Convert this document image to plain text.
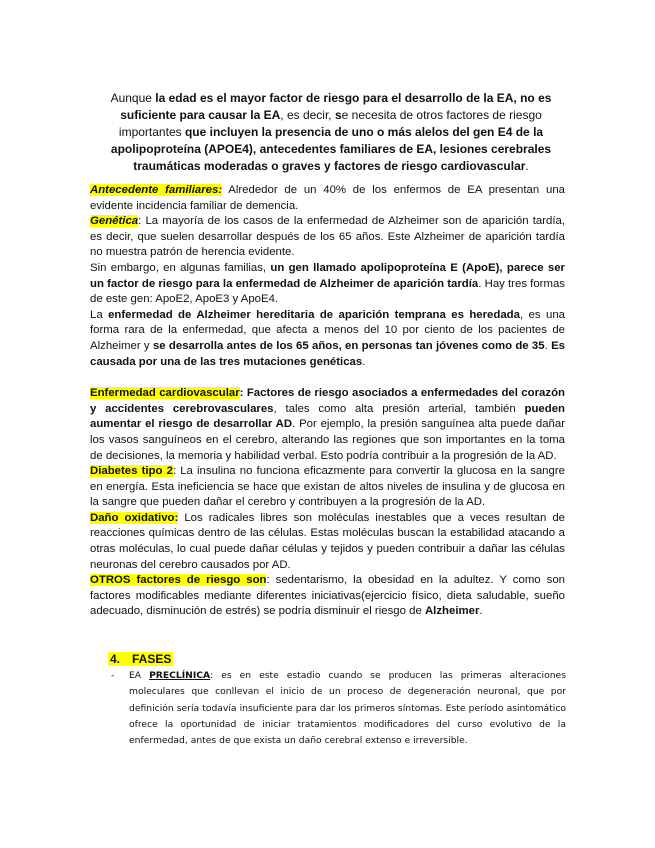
Aunque la edad es el mayor factor de riesgo para el desarrollo de la EA, no es suficiente para causar la EA, es decir, se necesita de otros factores de riesgo importantes que incluyen la presencia de uno o más alelos del gen E4 de la apolipoproteína (APOE4), antecedentes familiares de EA, lesiones cerebrales traumáticas moderadas o graves y factores de riesgo cardiovascular.

Antecedente familiares: Alrededor de un 40% de los enfermos de EA presentan una evidente incidencia familiar de demencia.

Genética: La mayoría de los casos de la enfermedad de Alzheimer son de aparición tardía, es decir, que suelen desarrollar después de los 65 años. Este Alzheimer de aparición tardía no muestra patrón de herencia evidente.

Sin embargo, en algunas familias, un gen llamado apolipoproteína E (ApoE), parece ser un factor de riesgo para la enfermedad de Alzheimer de aparición tardía. Hay tres formas de este gen: ApoE2, ApoE3 y ApoE4.

La enfermedad de Alzheimer hereditaria de aparición temprana es heredada, es una forma rara de la enfermedad, que afecta a menos del 10 por ciento de los pacientes de Alzheimer y se desarrolla antes de los 65 años, en personas tan jóvenes como de 35. Es causada por una de las tres mutaciones genéticas.

Enfermedad cardiovascular: Factores de riesgo asociados a enfermedades del corazón y accidentes cerebrovasculares, tales como alta presión arterial, también pueden aumentar el riesgo de desarrollar AD. Por ejemplo, la presión sanguínea alta puede dañar los vasos sanguíneos en el cerebro, alterando las regiones que son importantes en la toma de decisiones, la memoria y habilidad verbal. Esto podría contribuir a la progresión de la AD.

Diabetes tipo 2: La insulina no funciona eficazmente para convertir la glucosa en la sangre en energía. Esta ineficiencia se hace que existan de altos niveles de insulina y de glucosa en la sangre que pueden dañar el cerebro y contribuyen a la progresión de la AD.

Daño oxidativo: Los radicales libres son moléculas inestables que a veces resultan de reacciones químicas dentro de las células. Estas moléculas buscan la estabilidad atacando a otras moléculas, lo cual puede dañar células y tejidos y pueden contribuir a dañar las células neuronas del cerebro causados por AD.

OTROS factores de riesgo son: sedentarismo, la obesidad en la adultez. Y como son factores modificables mediante diferentes iniciativas(ejercicio físico, dieta saludable, sueño adecuado, disminución de estrés) se podría disminuir el riesgo de Alzheimer.

4. FASES
- EA PRECLÍNICA: es en este estadio cuando se producen las primeras alteraciones moleculares que conllevan el inicio de un proceso de degeneración neuronal, que por definición sería todavía insuficiente para dar los primeros síntomas. Este período asintomático ofrece la oportunidad de iniciar tratamientos modificadores del curso evolutivo de la enfermedad, antes de que exista un daño cerebral extenso e irreversible.
